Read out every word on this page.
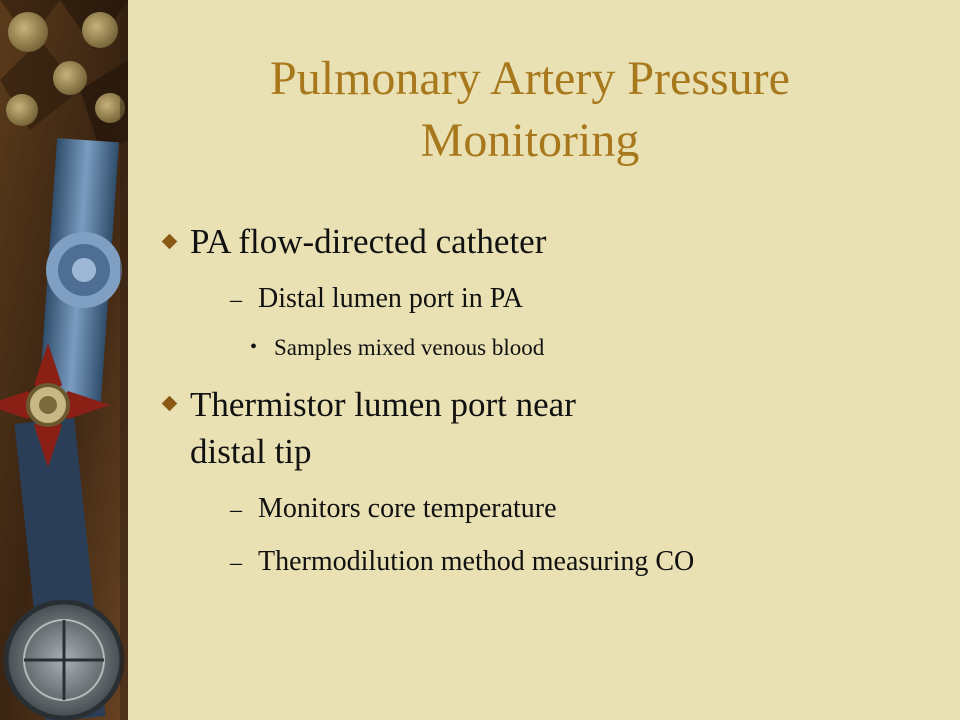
Pulmonary Artery Pressure
Monitoring
PA flow-directed catheter
– Distal lumen port in PA
• Samples mixed venous blood
Thermistor lumen port near
distal tip
– Monitors core temperature
– Thermodilution method measuring CO
